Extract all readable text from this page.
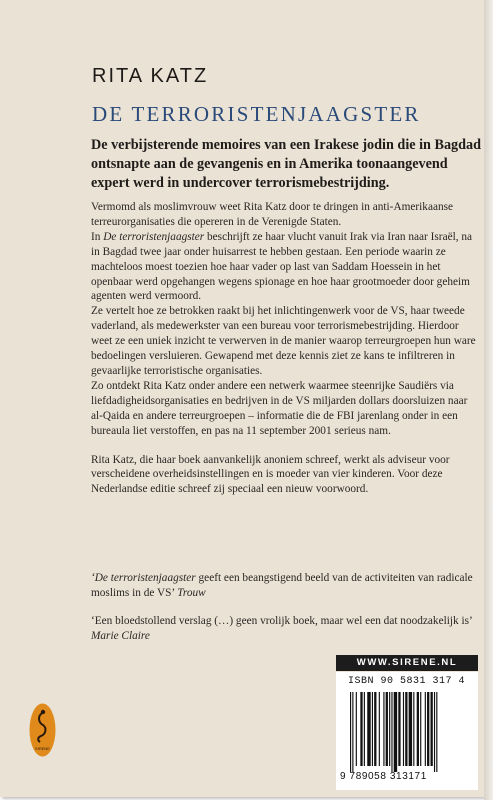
RITA KATZ
DE TERRORISTENJAAGSTER

De verbijsterende memoires van een Irakese jodin die in Bagdad ontsnapte aan de gevangenis en in Amerika toonaangevend expert werd in undercover terrorismebestrijding.

Vermomd als moslimvrouw weet Rita Katz door te dringen in anti-Amerikaanse terreurorganisaties die opereren in de Verenigde Staten.

In De terroristenjaagster beschrijft ze haar vlucht vanuit Irak via Iran naar Israël, na in Bagdad twee jaar onder huisarrest te hebben gestaan. Een periode waarin ze machteloos moest toezien hoe haar vader op last van Saddam Hoessein in het openbaar werd opgehangen wegens spionage en hoe haar grootmoeder door geheim agenten werd vermoord.

Ze vertelt hoe ze betrokken raakt bij het inlichtingenwerk voor de VS, haar tweede vaderland, als medewerkster van een bureau voor terrorismebestrijding. Hierdoor weet ze een uniek inzicht te verwerven in de manier waarop terreurgroepen hun ware bedoelingen versluieren. Gewapend met deze kennis ziet ze kans te infiltreren in gevaarlijke terroristische organisaties.

Zo ontdekt Rita Katz onder andere een netwerk waarmee steenrijke Saudiërs via liefdadigheidsorganisaties en bedrijven in de VS miljarden dollars doorsluizen naar al-Qaida en andere terreurgroepen – informatie die de FBI jarenlang onder in een bureaula liet verstoffen, en pas na 11 september 2001 serieus nam.

Rita Katz, die haar boek aanvankelijk anoniem schreef, werkt als adviseur voor verscheidene overheidsinstellingen en is moeder van vier kinderen. Voor deze Nederlandse editie schreef zij speciaal een nieuw voorwoord.

‘De terroristenjaagster geeft een beangstigend beeld van de activiteiten van radicale moslims in de VS’ Trouw

‘Een bloedstollend verslag (…) geen vrolijk boek, maar wel een dat noodzakelijk is’ Marie Claire

SIRENE
WWW.SIRENE.NL
ISBN 90 5831 317 4
9 789058 313171
